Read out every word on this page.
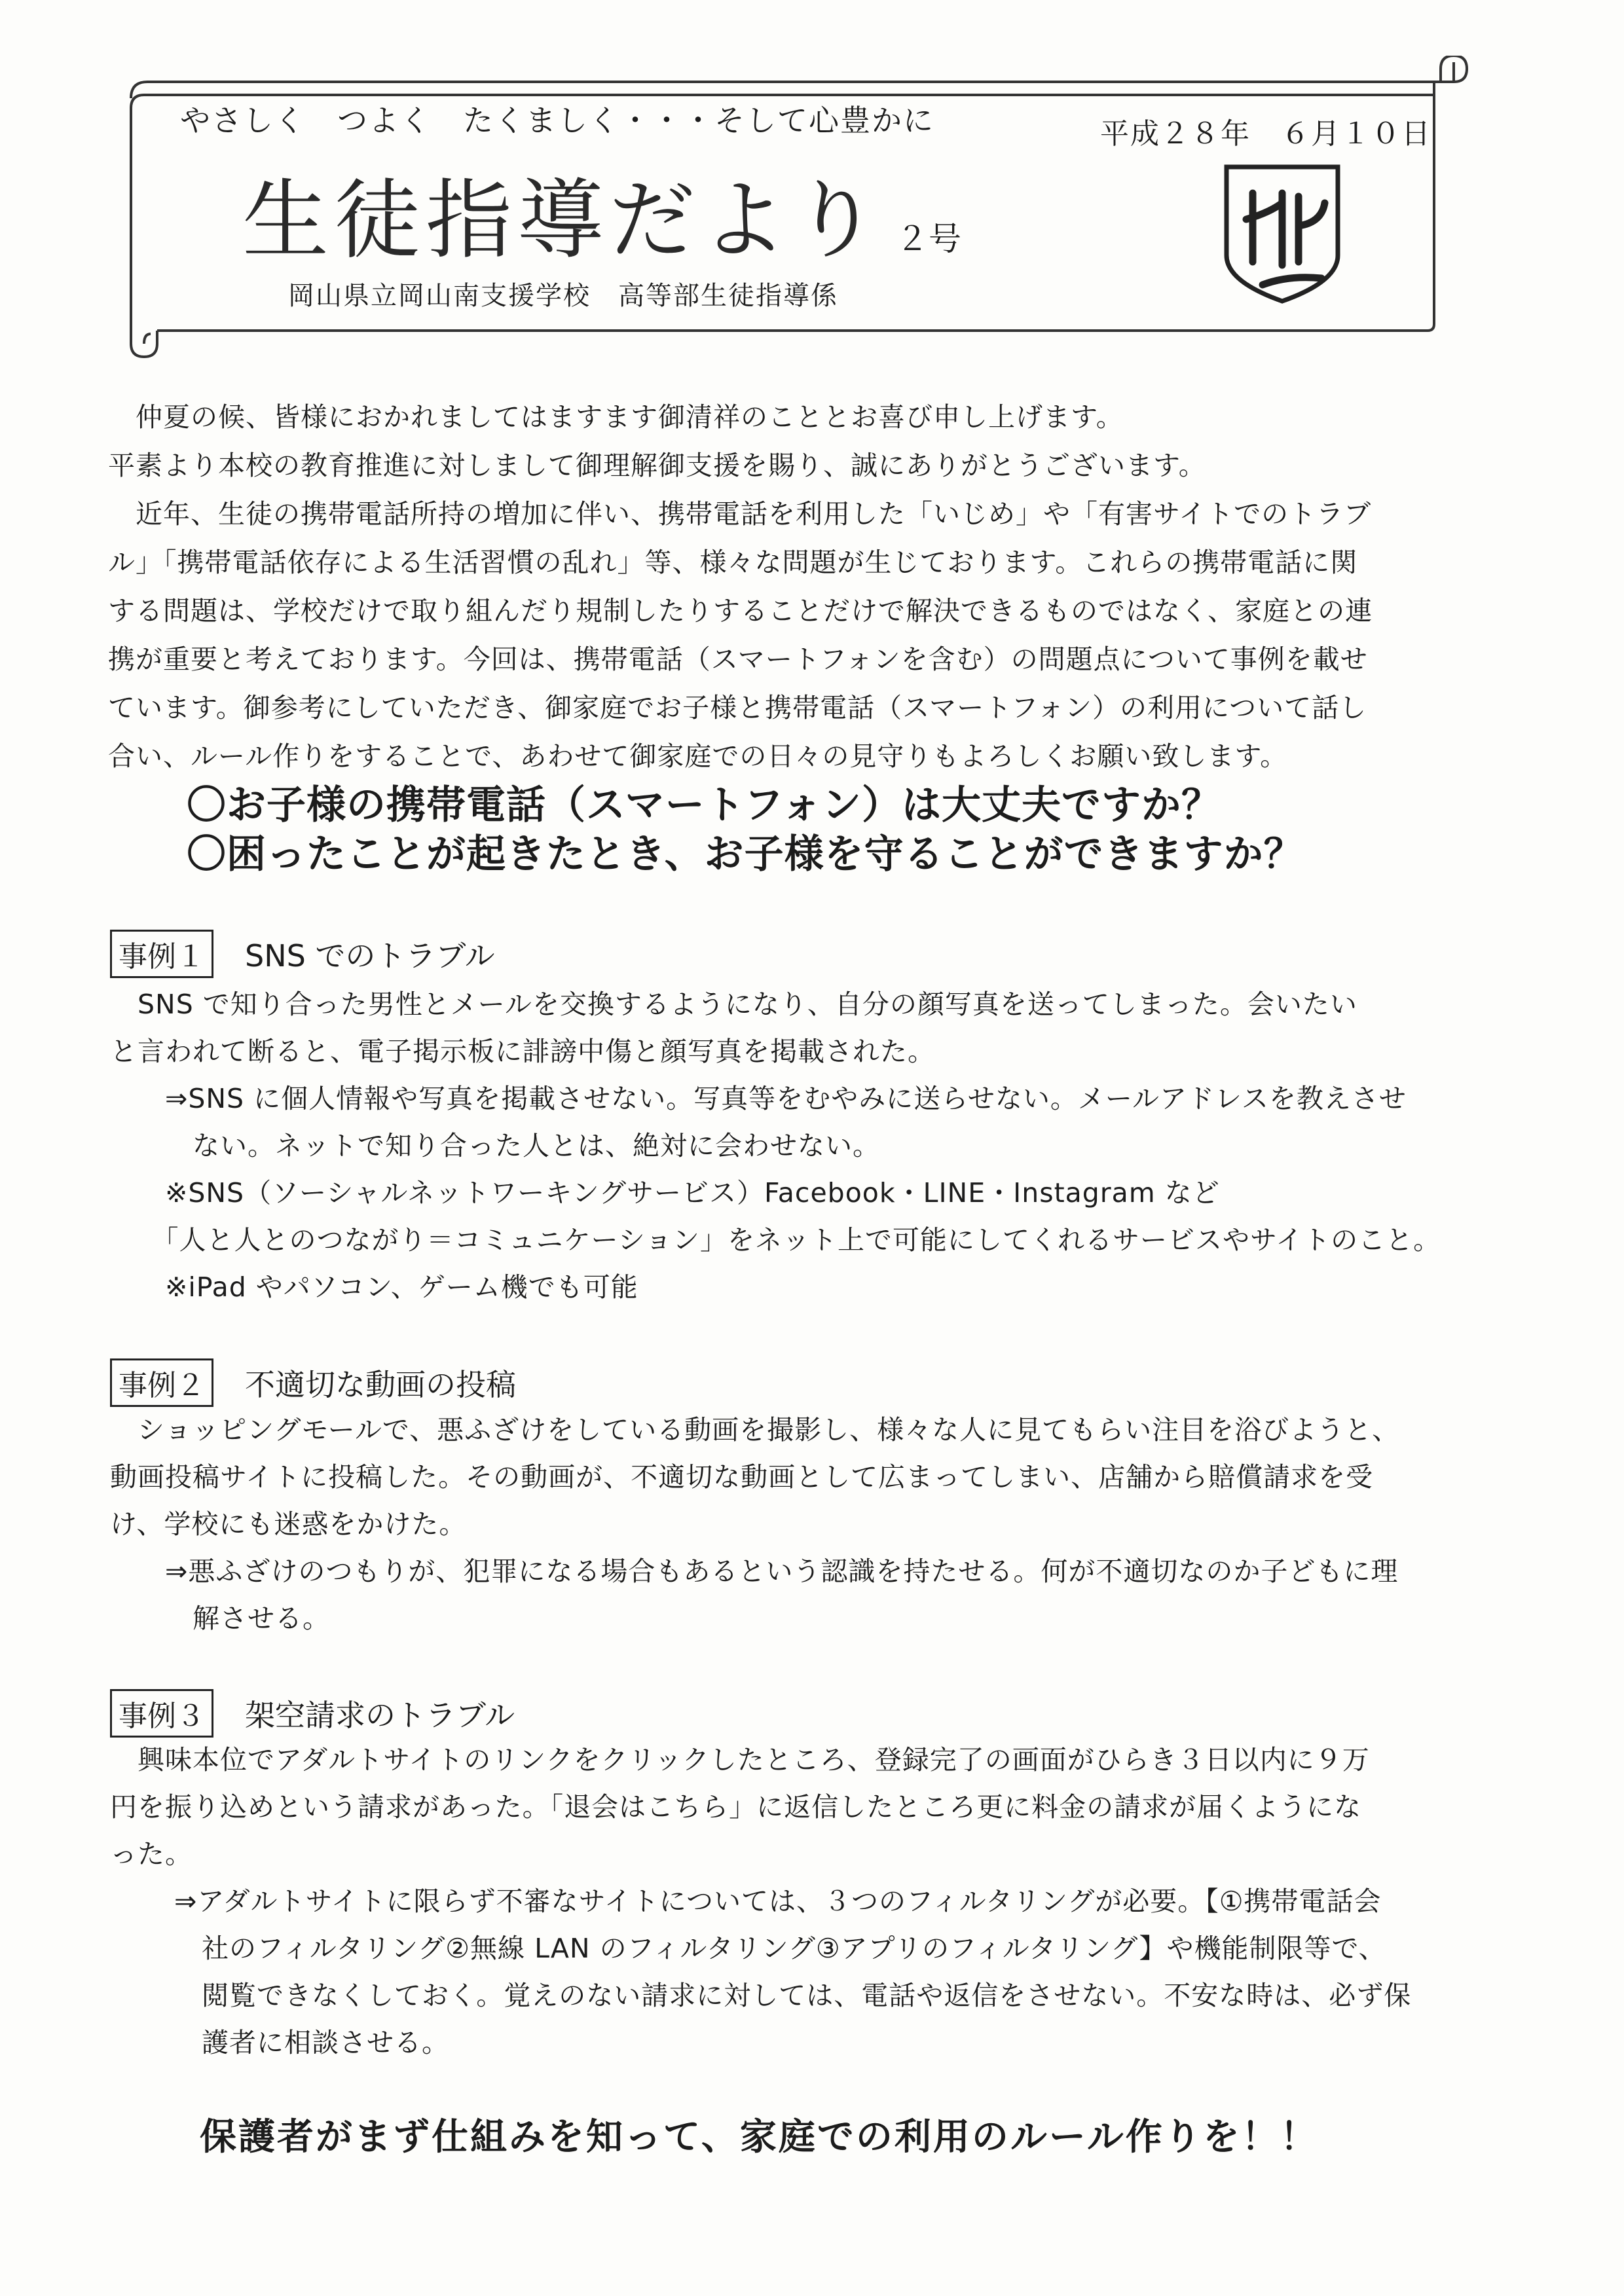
やさしく　つよく　たくましく・・・そして心豊かに	平成２８年　６月１０日
生徒指導だより ２号
岡山県立岡山南支援学校　高等部生徒指導係

　仲夏の候、皆様におかれましてはますます御清祥のこととお喜び申し上げます。

平素より本校の教育推進に対しまして御理解御支援を賜り、誠にありがとうございます。

　近年、生徒の携帯電話所持の増加に伴い、携帯電話を利用した「いじめ」や「有害サイトでのトラブ

ル」「携帯電話依存による生活習慣の乱れ」等、様々な問題が生じております。これらの携帯電話に関

する問題は、学校だけで取り組んだり規制したりすることだけで解決できるものではなく、家庭との連

携が重要と考えております。今回は、携帯電話（スマートフォンを含む）の問題点について事例を載せ

ています。御参考にしていただき、御家庭でお子様と携帯電話（スマートフォン）の利用について話し

合い、ルール作りをすることで、あわせて御家庭での日々の見守りもよろしくお願い致します。

〇お子様の携帯電話（スマートフォン）は大丈夫ですか？
〇困ったことが起きたとき、お子様を守ることができますか？
事例１ SNS でのトラブル

　SNS で知り合った男性とメールを交換するようになり、自分の顔写真を送ってしまった。会いたい

と言われて断ると、電子掲示板に誹謗中傷と顔写真を掲載された。

　　⇒SNS に個人情報や写真を掲載させない。写真等をむやみに送らせない。メールアドレスを教えさせ

　　　ない。ネットで知り合った人とは、絶対に会わせない。

　　※SNS（ソーシャルネットワーキングサービス）Facebook・LINE・Instagram など

　　「人と人とのつながり＝コミュニケーション」をネット上で可能にしてくれるサービスやサイトのこと。

　　※iPad やパソコン、ゲーム機でも可能

事例２ 不適切な動画の投稿

　ショッピングモールで、悪ふざけをしている動画を撮影し、様々な人に見てもらい注目を浴びようと、

動画投稿サイトに投稿した。その動画が、不適切な動画として広まってしまい、店舗から賠償請求を受

け、学校にも迷惑をかけた。

　　⇒悪ふざけのつもりが、犯罪になる場合もあるという認識を持たせる。何が不適切なのか子どもに理

　　　解させる。

事例３ 架空請求のトラブル

　興味本位でアダルトサイトのリンクをクリックしたところ、登録完了の画面がひらき３日以内に９万

円を振り込めという請求があった。「退会はこちら」に返信したところ更に料金の請求が届くようにな

った。

　　 ⇒アダルトサイトに限らず不審なサイトについては、３つのフィルタリングが必要。【①携帯電話会

　　　 社のフィルタリング②無線 LAN のフィルタリング③アプリのフィルタリング】や機能制限等で、

　　　 閲覧できなくしておく。覚えのない請求に対しては、電話や返信をさせない。不安な時は、必ず保

　　　 護者に相談させる。

保護者がまず仕組みを知って、家庭での利用のルール作りを！！
